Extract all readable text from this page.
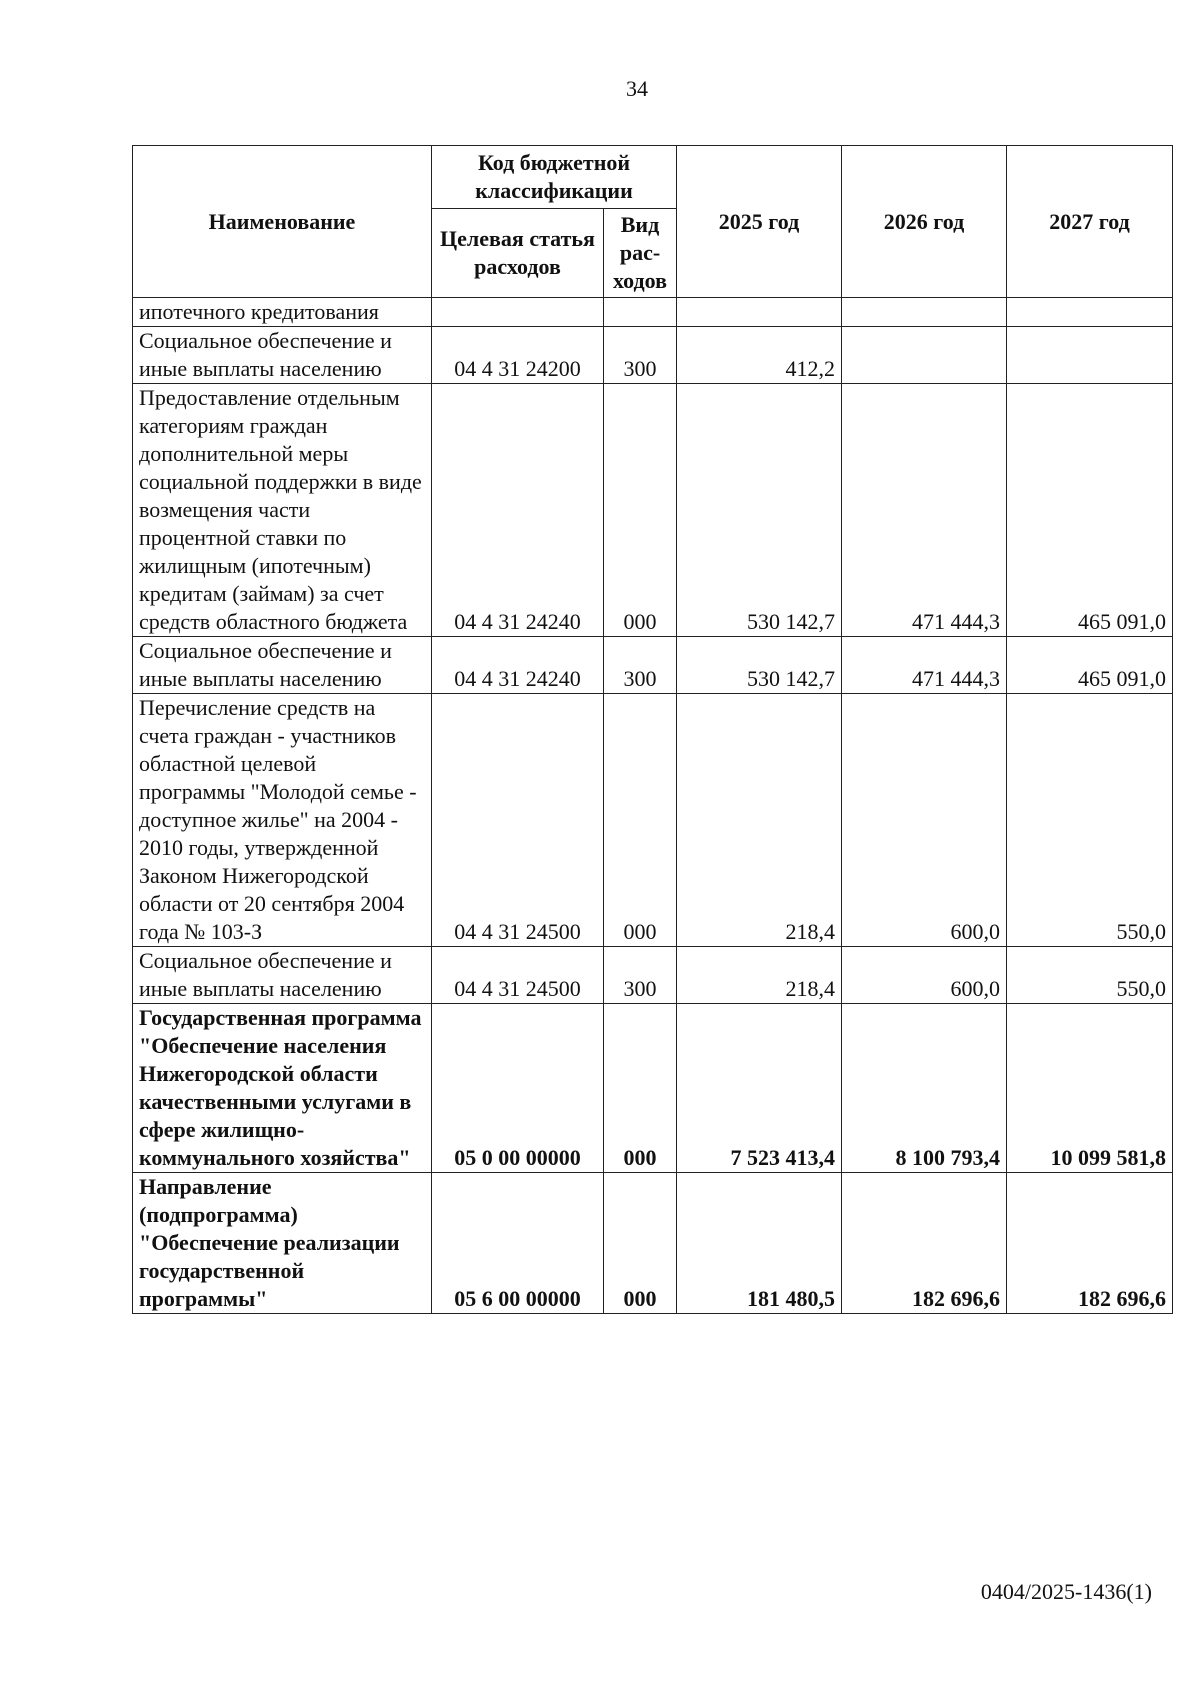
34
Наименование	Код бюджетной классификации		2025 год	2026 год	2027 год
	Целевая статья расходов	Вид рас-ходов			
ипотечного кредитования					
Социальное обеспечение и иные выплаты населению	04 4 31 24200	300	412,2		
Предоставление отдельным категориям граждан дополнительной меры социальной поддержки в виде возмещения части процентной ставки по жилищным (ипотечным) кредитам (займам) за счет средств областного бюджета	04 4 31 24240	000	530 142,7	471 444,3	465 091,0
Социальное обеспечение и иные выплаты населению	04 4 31 24240	300	530 142,7	471 444,3	465 091,0
Перечисление средств на счета граждан - участников областной целевой программы "Молодой семье - доступное жилье" на 2004 - 2010 годы, утвержденной Законом Нижегородской области от 20 сентября 2004 года № 103-З	04 4 31 24500	000	218,4	600,0	550,0
Социальное обеспечение и иные выплаты населению	04 4 31 24500	300	218,4	600,0	550,0
Государственная программа "Обеспечение населения Нижегородской области качественными услугами в сфере жилищно-коммунального хозяйства"	05 0 00 00000	000	7 523 413,4	8 100 793,4	10 099 581,8
Направление (подпрограмма) "Обеспечение реализации государственной программы"	05 6 00 00000	000	181 480,5	182 696,6	182 696,6
0404/2025-1436(1)
